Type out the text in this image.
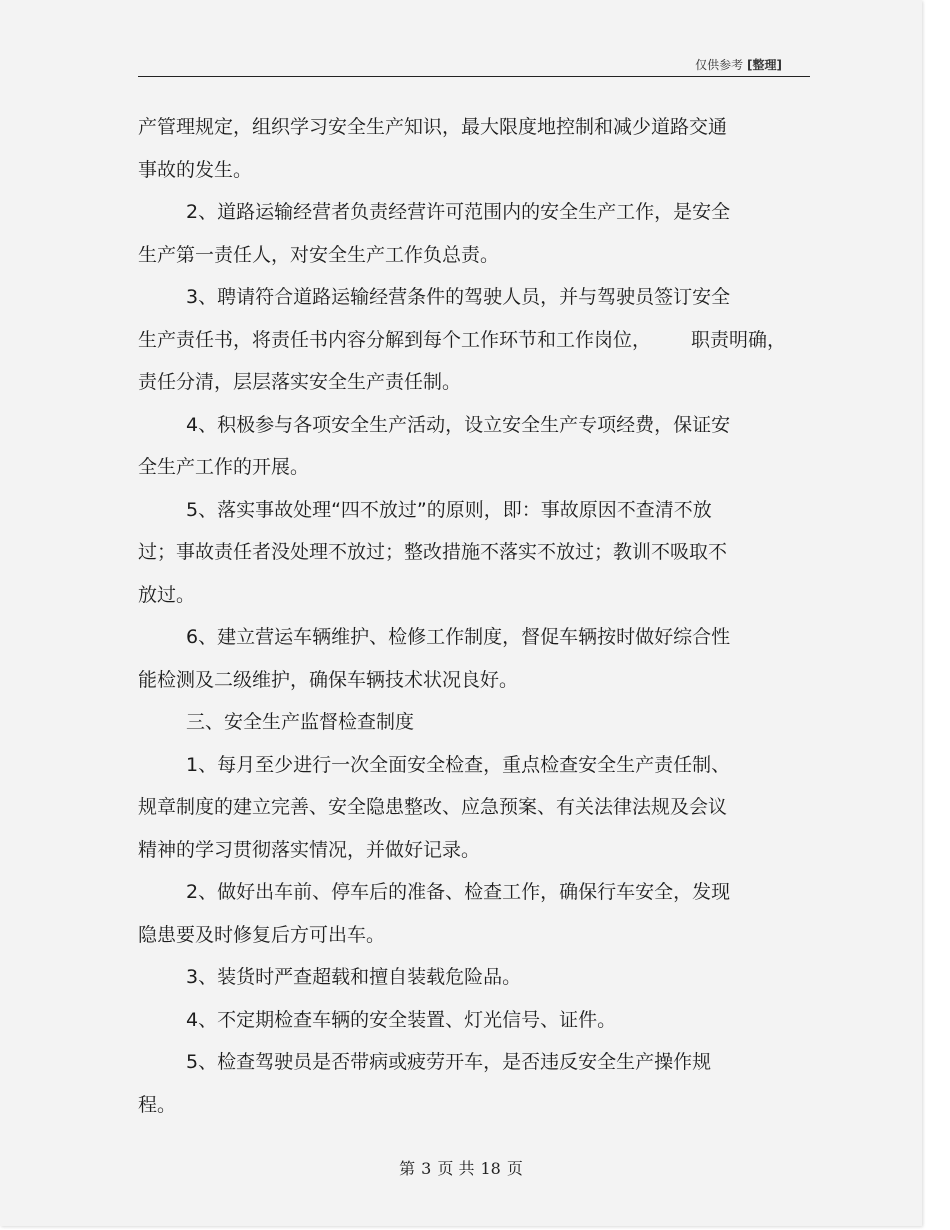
仅供参考 [整理]
产管理规定，组织学习安全生产知识，最大限度地控制和减少道路交通
事故的发生。
2、道路运输经营者负责经营许可范围内的安全生产工作，是安全
生产第一责任人，对安全生产工作负总责。
3、聘请符合道路运输经营条件的驾驶人员，并与驾驶员签订安全
生产责任书，将责任书内容分解到每个工作环节和工作岗位， 职责明确，
责任分清，层层落实安全生产责任制。
4、积极参与各项安全生产活动，设立安全生产专项经费，保证安
全生产工作的开展。
5、落实事故处理“四不放过”的原则，即：事故原因不查清不放
过；事故责任者没处理不放过；整改措施不落实不放过；教训不吸取不
放过。
6、建立营运车辆维护、检修工作制度，督促车辆按时做好综合性
能检测及二级维护，确保车辆技术状况良好。
三、安全生产监督检查制度
1、每月至少进行一次全面安全检查，重点检查安全生产责任制、
规章制度的建立完善、安全隐患整改、应急预案、有关法律法规及会议
精神的学习贯彻落实情况，并做好记录。
2、做好出车前、停车后的准备、检查工作，确保行车安全，发现
隐患要及时修复后方可出车。
3、装货时严查超载和擅自装载危险品。
4、不定期检查车辆的安全装置、灯光信号、证件。
5、检查驾驶员是否带病或疲劳开车，是否违反安全生产操作规
程。
第 3 页 共 18 页
